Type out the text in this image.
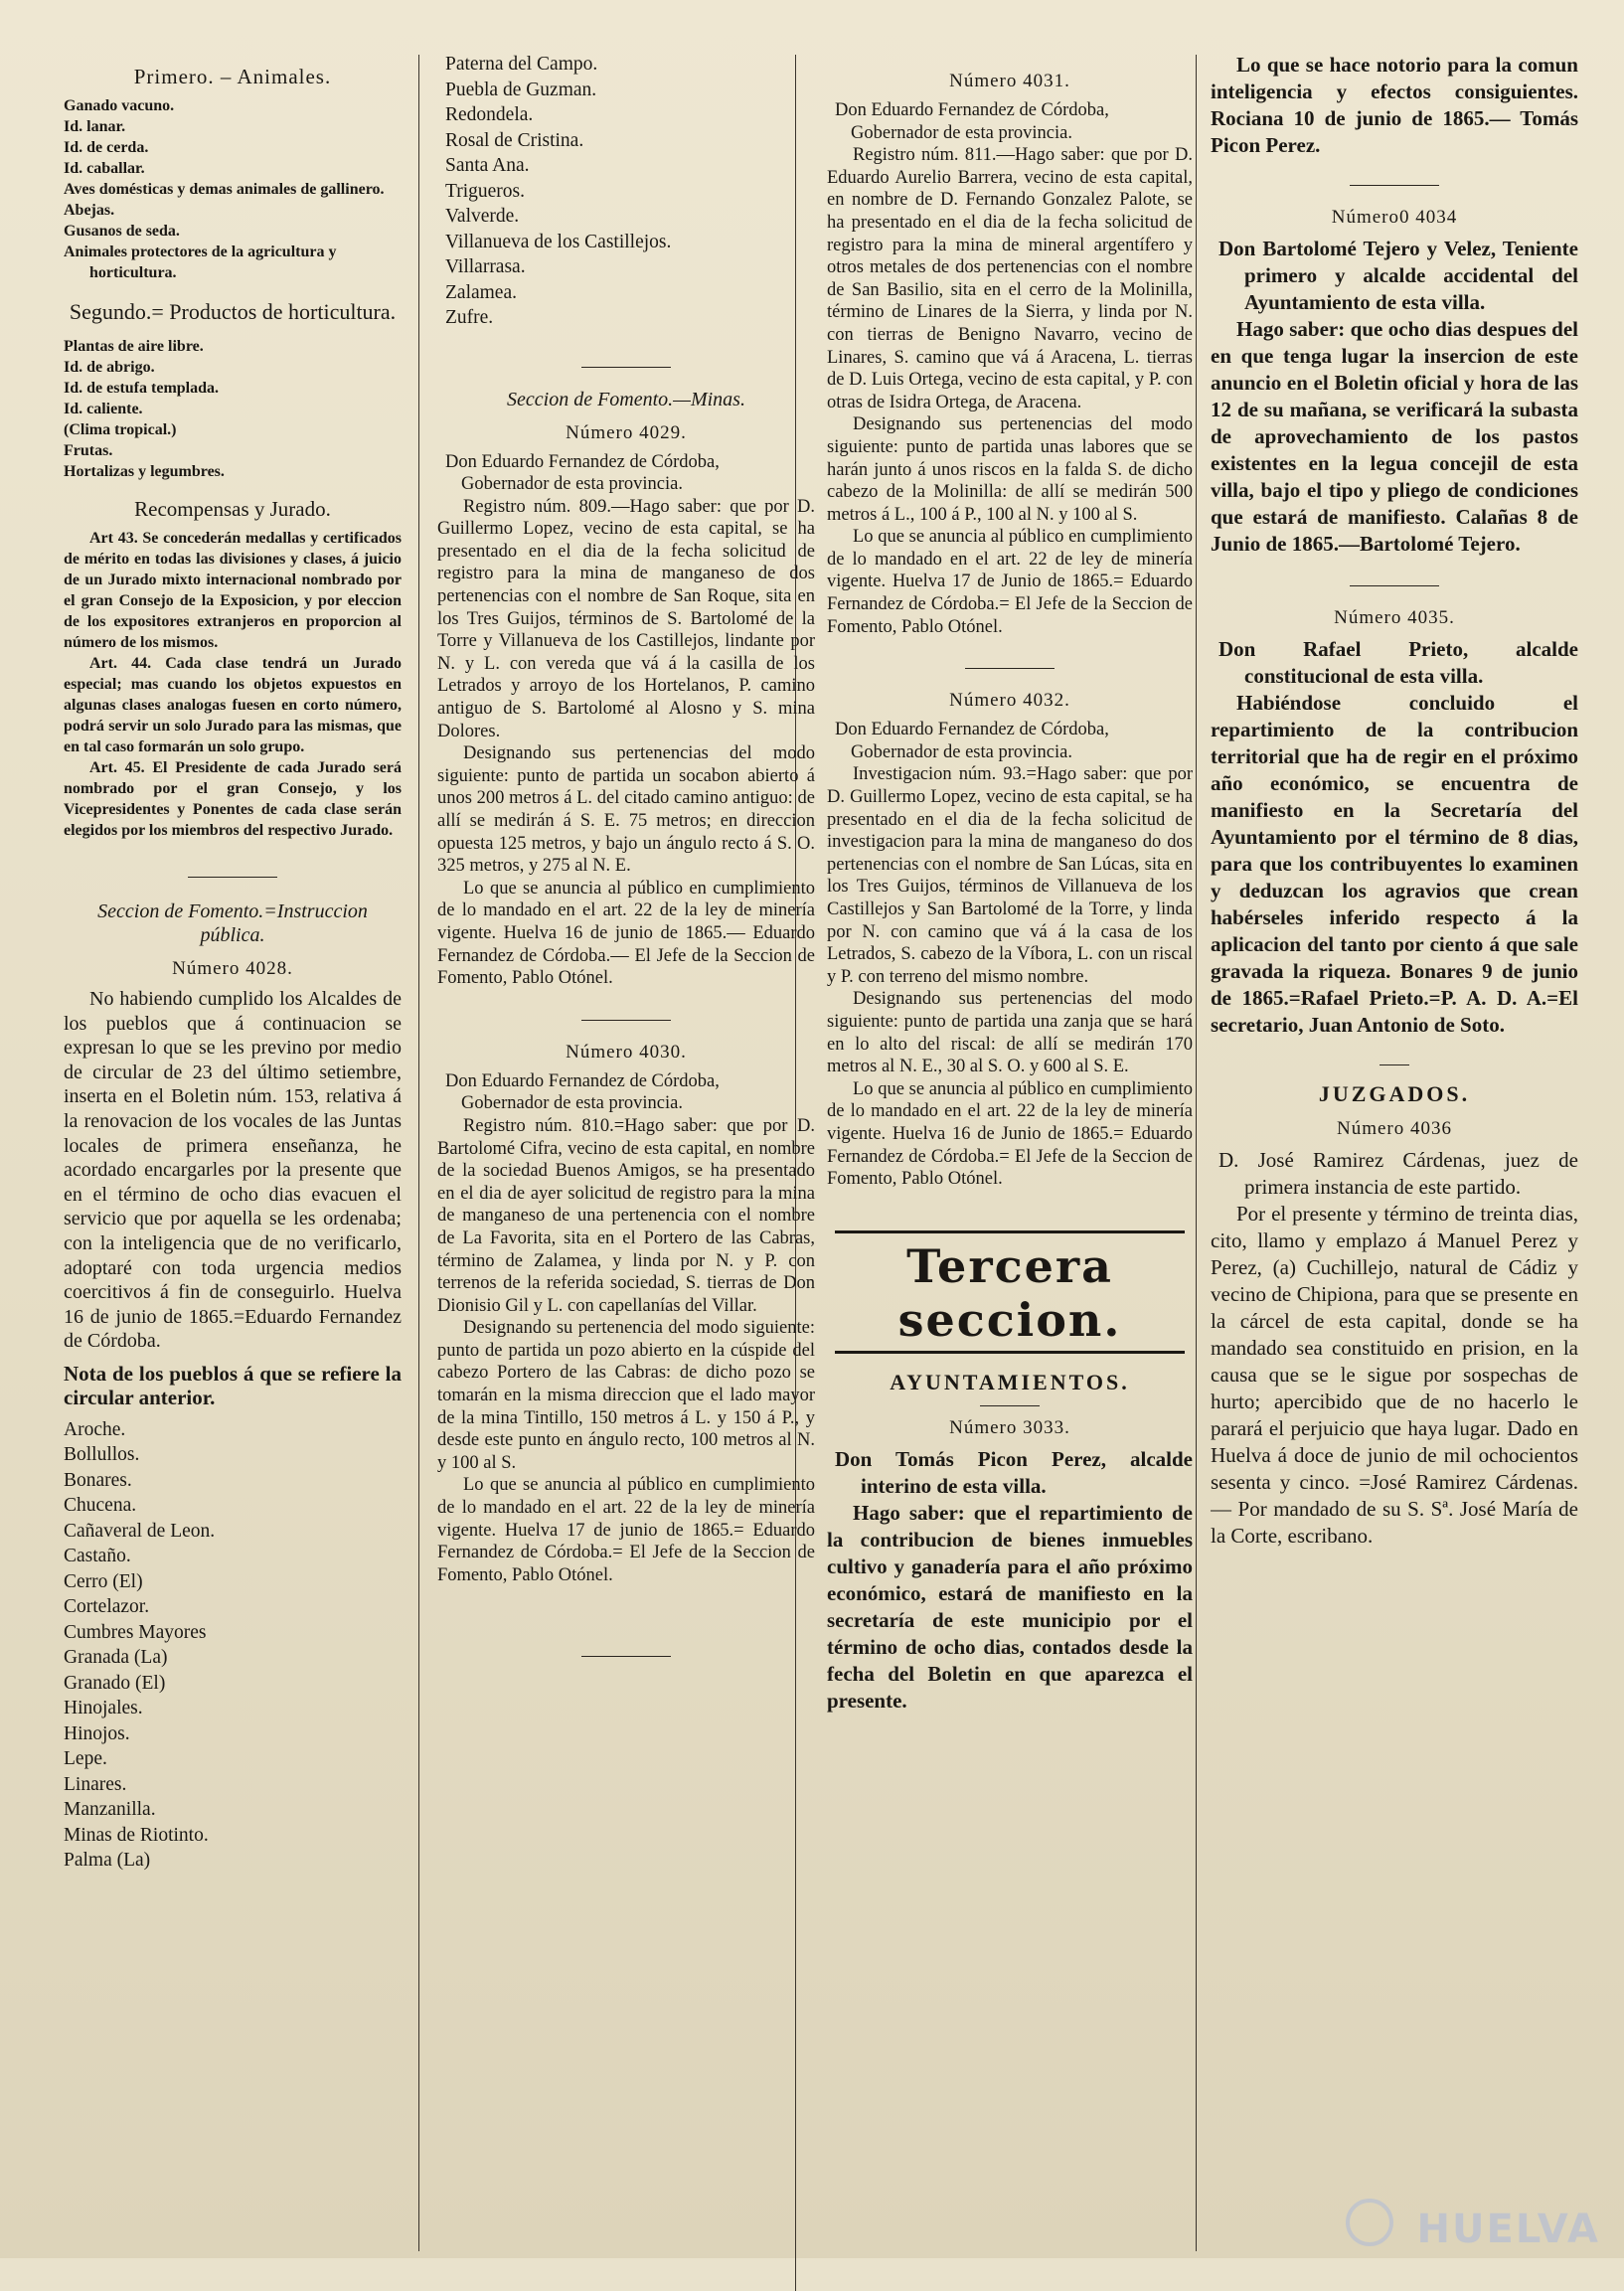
Primero. – Animales.
Ganado vacuno.
Id. lanar.
Id. de cerda.
Id. caballar.
Aves domésticas y demas animales de gallinero.
Abejas.
Gusanos de seda.
Animales protectores de la agricultura y horticultura.
Segundo.= Productos de horticultura.
Plantas de aire libre.
Id. de abrigo.
Id. de estufa templada.
Id. caliente.
(Clima tropical.)
Frutas.
Hortalizas y legumbres.
Recompensas y Jurado.

Art 43. Se concederán medallas y certificados de mérito en todas las divisiones y clases, á juicio de un Jurado mixto internacional nombrado por el gran Consejo de la Exposicion, y por eleccion de los expositores extranjeros en proporcion al número de los mismos.

Art. 44. Cada clase tendrá un Jurado especial; mas cuando los objetos expuestos en algunas clases analogas fuesen en corto número, podrá servir un solo Jurado para las mismas, que en tal caso formarán un solo grupo.

Art. 45. El Presidente de cada Jurado será nombrado por el gran Consejo, y los Vicepresidentes y Ponentes de cada clase serán elegidos por los miembros del respectivo Jurado.

Seccion de Fomento.=Instruccion pública.
Número 4028.

No habiendo cumplido los Alcaldes de los pueblos que á continuacion se expresan lo que se les previno por medio de circular de 23 del último setiembre, inserta en el Boletin núm. 153, relativa á la renovacion de los vocales de las Juntas locales de primera enseñanza, he acordado encargarles por la presente que en el término de ocho dias evacuen el servicio que por aquella se les ordenaba; con la inteligencia que de no verificarlo, adoptaré con toda urgencia medios coercitivos á fin de conseguirlo. Huelva 16 de junio de 1865.=Eduardo Fernandez de Córdoba.

Nota de los pueblos á que se refiere la circular anterior.

Aroche.
Bollullos.
Bonares.
Chucena.
Cañaveral de Leon.
Castaño.
Cerro (El)
Cortelazor.
Cumbres Mayores
Granada (La)
Granado (El)
Hinojales.
Hinojos.
Lepe.
Linares.
Manzanilla.
Minas de Riotinto.
Palma (La)
Paterna del Campo.
Puebla de Guzman.
Redondela.
Rosal de Cristina.
Santa Ana.
Trigueros.
Valverde.
Villanueva de los Castillejos.
Villarrasa.
Zalamea.
Zufre.
Seccion de Fomento.—Minas.
Número 4029.

Don Eduardo Fernandez de Córdoba,

Gobernador de esta provincia.

Registro núm. 809.—Hago saber: que por D. Guillermo Lopez, vecino de esta capital, se ha presentado en el dia de la fecha solicitud de registro para la mina de manganeso de dos pertenencias con el nombre de San Roque, sita en los Tres Guijos, términos de S. Bartolomé de la Torre y Villanueva de los Castillejos, lindante por N. y L. con vereda que vá á la casilla de los Letrados y arroyo de los Hortelanos, P. camino antiguo de S. Bartolomé al Alosno y S. mina Dolores.

Designando sus pertenencias del modo siguiente: punto de partida un socabon abierto á unos 200 metros á L. del citado camino antiguo: de allí se medirán á S. E. 75 metros; en direccion opuesta 125 metros, y bajo un ángulo recto á S. O. 325 metros, y 275 al N. E.

Lo que se anuncia al público en cumplimiento de lo mandado en el art. 22 de la ley de minería vigente. Huelva 16 de junio de 1865.— Eduardo Fernandez de Córdoba.— El Jefe de la Seccion de Fomento, Pablo Otónel.

Número 4030.

Don Eduardo Fernandez de Córdoba,

Gobernador de esta provincia.

Registro núm. 810.=Hago saber: que por D. Bartolomé Cifra, vecino de esta capital, en nombre de la sociedad Buenos Amigos, se ha presentado en el dia de ayer solicitud de registro para la mina de manganeso de una pertenencia con el nombre de La Favorita, sita en el Portero de las Cabras, término de Zalamea, y linda por N. y P. con terrenos de la referida sociedad, S. tierras de Don Dionisio Gil y L. con capellanías del Villar.

Designando su pertenencia del modo siguiente: punto de partida un pozo abierto en la cúspide del cabezo Portero de las Cabras: de dicho pozo se tomarán en la misma direccion que el lado mayor de la mina Tintillo, 150 metros á L. y 150 á P., y desde este punto en ángulo recto, 100 metros al N. y 100 al S.

Lo que se anuncia al público en cumplimiento de lo mandado en el art. 22 de la ley de minería vigente. Huelva 17 de junio de 1865.= Eduardo Fernandez de Córdoba.= El Jefe de la Seccion de Fomento, Pablo Otónel.

Número 4031.

Don Eduardo Fernandez de Córdoba,

Gobernador de esta provincia.

Registro núm. 811.—Hago saber: que por D. Eduardo Aurelio Barrera, vecino de esta capital, en nombre de D. Fernando Gonzalez Palote, se ha presentado en el dia de la fecha solicitud de registro para la mina de mineral argentífero y otros metales de dos pertenencias con el nombre de San Basilio, sita en el cerro de la Molinilla, término de Linares de la Sierra, y linda por N. con tierras de Benigno Navarro, vecino de Linares, S. camino que vá á Aracena, L. tierras de D. Luis Ortega, vecino de esta capital, y P. con otras de Isidra Ortega, de Aracena.

Designando sus pertenencias del modo siguiente: punto de partida unas labores que se harán junto á unos riscos en la falda S. de dicho cabezo de la Molinilla: de allí se medirán 500 metros á L., 100 á P., 100 al N. y 100 al S.

Lo que se anuncia al público en cumplimiento de lo mandado en el art. 22 de ley de minería vigente. Huelva 17 de Junio de 1865.= Eduardo Fernandez de Córdoba.= El Jefe de la Seccion de Fomento, Pablo Otónel.

Número 4032.

Don Eduardo Fernandez de Córdoba,

Gobernador de esta provincia.

Investigacion núm. 93.=Hago saber: que por D. Guillermo Lopez, vecino de esta capital, se ha presentado en el dia de la fecha solicitud de investigacion para la mina de manganeso do dos pertenencias con el nombre de San Lúcas, sita en los Tres Guijos, términos de Villanueva de los Castillejos y San Bartolomé de la Torre, y linda por N. con camino que vá á la casa de los Letrados, S. cabezo de la Víbora, L. con un riscal y P. con terreno del mismo nombre.

Designando sus pertenencias del modo siguiente: punto de partida una zanja que se hará en lo alto del riscal: de allí se medirán 170 metros al N. E., 30 al S. O. y 600 al S. E.

Lo que se anuncia al público en cumplimiento de lo mandado en el art. 22 de la ley de minería vigente. Huelva 16 de Junio de 1865.= Eduardo Fernandez de Córdoba.= El Jefe de la Seccion de Fomento, Pablo Otónel.

Tercera seccion.
AYUNTAMIENTOS.
Número 3033.

Don Tomás Picon Perez, alcalde interino de esta villa.

Hago saber: que el repartimiento de la contribucion de bienes inmuebles cultivo y ganadería para el año próximo económico, estará de manifiesto en la secretaría de este municipio por el término de ocho dias, contados desde la fecha del Boletin en que aparezca el presente.

Lo que se hace notorio para la comun inteligencia y efectos consiguientes. Rociana 10 de junio de 1865.— Tomás Picon Perez.

Número0 4034

Don Bartolomé Tejero y Velez, Teniente primero y alcalde accidental del Ayuntamiento de esta villa.

Hago saber: que ocho dias despues del en que tenga lugar la insercion de este anuncio en el Boletin oficial y hora de las 12 de su mañana, se verificará la subasta de aprovechamiento de los pastos existentes en la legua concejil de esta villa, bajo el tipo y pliego de condiciones que estará de manifiesto. Calañas 8 de Junio de 1865.—Bartolomé Tejero.

Número 4035.

Don Rafael Prieto, alcalde constitucional de esta villa.

Habiéndose concluido el repartimiento de la contribucion territorial que ha de regir en el próximo año económico, se encuentra de manifiesto en la Secretaría del Ayuntamiento por el término de 8 dias, para que los contribuyentes lo examinen y deduzcan los agravios que crean habérseles inferido respecto á la aplicacion del tanto por ciento á que sale gravada la riqueza. Bonares 9 de junio de 1865.=Rafael Prieto.=P. A. D. A.=El secretario, Juan Antonio de Soto.

JUZGADOS.
Número 4036

D. José Ramirez Cárdenas, juez de primera instancia de este partido.

Por el presente y término de treinta dias, cito, llamo y emplazo á Manuel Perez y Perez, (a) Cuchillejo, natural de Cádiz y vecino de Chipiona, para que se presente en la cárcel de esta capital, donde se ha mandado sea constituido en prision, en la causa que se le sigue por sospechas de hurto; apercibido que de no hacerlo le parará el perjuicio que haya lugar. Dado en Huelva á doce de junio de mil ochocientos sesenta y cinco. =José Ramirez Cárdenas.— Por mandado de su S. Sª. José María de la Corte, escribano.

HUELVA
